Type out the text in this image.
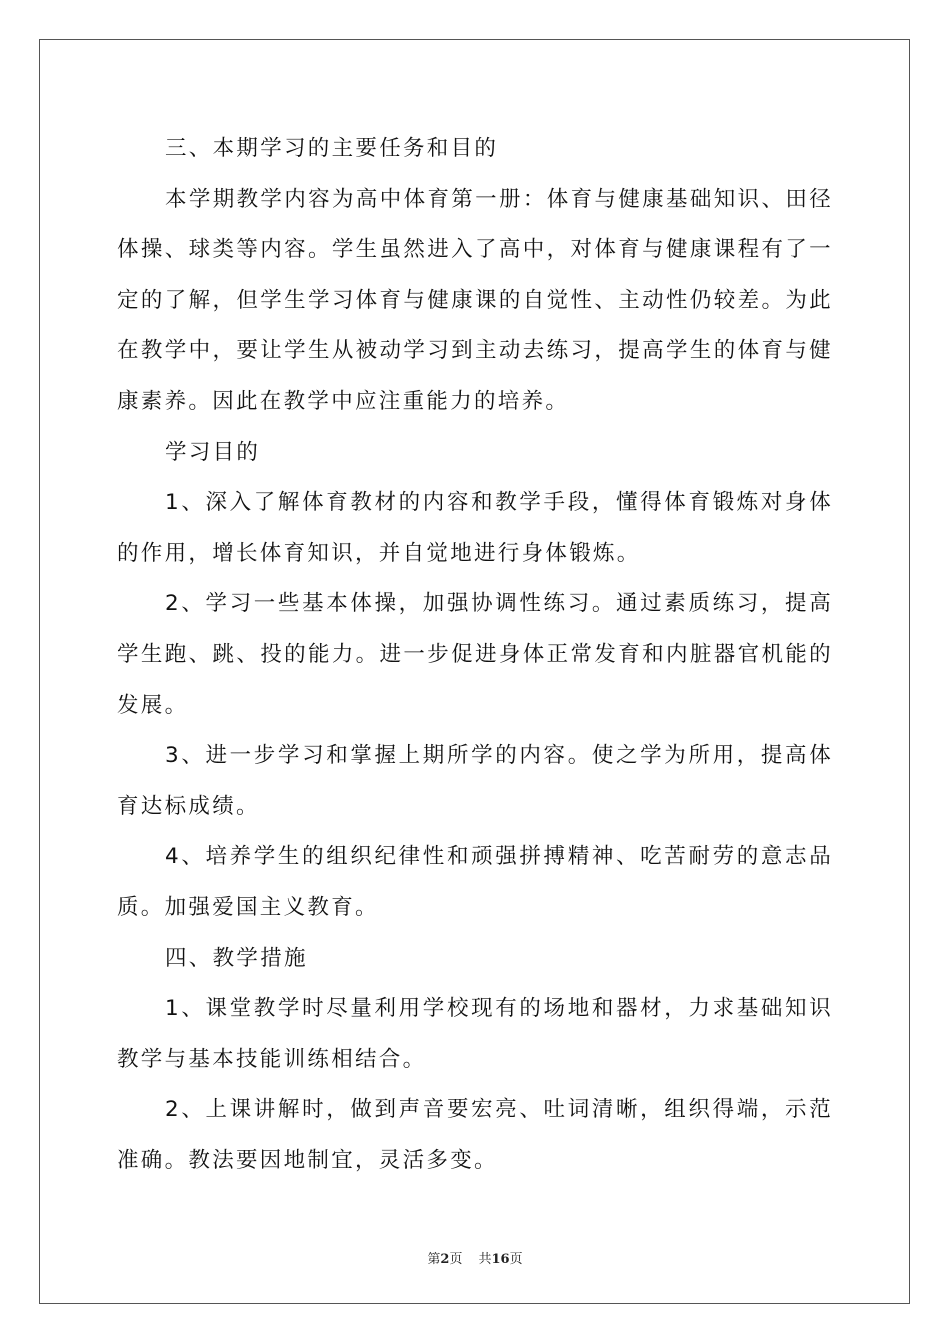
三、本期学习的主要任务和目的

本学期教学内容为高中体育第一册：体育与健康基础知识、田径体操、球类等内容。学生虽然进入了高中，对体育与健康课程有了一定的了解，但学生学习体育与健康课的自觉性、主动性仍较差。为此在教学中，要让学生从被动学习到主动去练习，提高学生的体育与健康素养。因此在教学中应注重能力的培养。

学习目的

1、深入了解体育教材的内容和教学手段，懂得体育锻炼对身体的作用，增长体育知识，并自觉地进行身体锻炼。

2、学习一些基本体操，加强协调性练习。通过素质练习，提高学生跑、跳、投的能力。进一步促进身体正常发育和内脏器官机能的发展。

3、进一步学习和掌握上期所学的内容。使之学为所用，提高体育达标成绩。

4、培养学生的组织纪律性和顽强拼搏精神、吃苦耐劳的意志品质。加强爱国主义教育。

四、教学措施

1、课堂教学时尽量利用学校现有的场地和器材，力求基础知识教学与基本技能训练相结合。

2、上课讲解时，做到声音要宏亮、吐词清晰，组织得端，示范准确。教法要因地制宜，灵活多变。

第2页 共16页
